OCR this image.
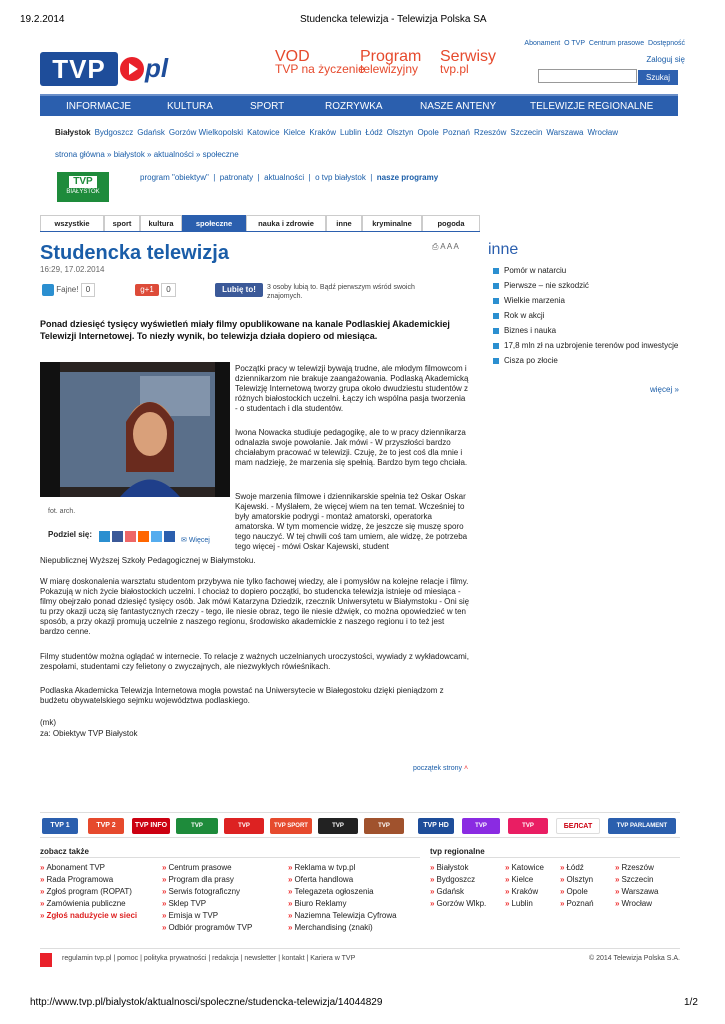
19.2.2014	Studencka telewizja - Telewizja Polska SA
TVP	pl	VOD
TVP na życzenie
Program
telewizyjny
Serwisy
tvp.pl
Abonament O TVP Centrum prasowe Dostępność
Zaloguj się
Szukaj
INFORMACJE	KULTURA	SPORT	ROZRYWKA	NASZE ANTENY	TELEWIZJE REGIONALNE
Białystok Bydgoszcz Gdańsk Gorzów Wielkopolski Katowice Kielce Kraków Lublin Łódź Olsztyn Opole Poznań Rzeszów Szczecin Warszawa Wrocław
strona główna » białystok » aktualności » społeczne
TVP
BIAŁYSTOK
program "obiektyw"  |  patronaty  |  aktualności  |  o tvp białystok  |  nasze programy
wszystkie	sport	kultura	społeczne	nauka i zdrowie	inne	kryminalne	pogoda
Studencka telewizja
16:29, 17.02.2014
⎙ A A A
Fajne! 0	g+1 0	Lubię to!	3 osoby lubią to. Bądź pierwszym wśród swoich znajomych.
Ponad dziesięć tysięcy wyświetleń miały filmy opublikowane na kanale Podlaskiej Akademickiej Telewizji Internetowej. To niezły wynik, bo telewizja działa dopiero od miesiąca.
fot. arch.
Podziel się:
✉ Więcej
Początki pracy w telewizji bywają trudne, ale młodym filmowcom i dziennikarzom nie brakuje zaangażowania. Podlaską Akademicką Telewizję Internetową tworzy grupa około dwudziestu studentów z różnych białostockich uczelni. Łączy ich wspólna pasja tworzenia - o studentach i dla studentów.
Iwona Nowacka studiuje pedagogikę, ale to w pracy dziennikarza odnalazła swoje powołanie. Jak mówi - W przyszłości bardzo chciałabym pracować w telewizji. Czuję, że to jest coś dla mnie i mam nadzieję, że marzenia się spełnią. Bardzo bym tego chciała.
Swoje marzenia filmowe i dziennikarskie spełnia też Oskar Oskar Kajewski. - Myślałem, że więcej wiem na ten temat. Wcześniej to były amatorskie podrygi - montaż amatorski, operatorka amatorska. W tym momencie widzę, że jeszcze się muszę sporo tego nauczyć. W tej chwili coś tam umiem, ale widzę, że potrzeba tego więcej - mówi Oskar Kajewski, student
Niepublicznej Wyższej Szkoły Pedagogicznej w Białymstoku.
W miarę doskonalenia warsztatu studentom przybywa nie tylko fachowej wiedzy, ale i pomysłów na kolejne relacje i filmy. Pokazują w nich życie białostockich uczelni. I chociaż to dopiero początki, bo studencka telewizja istnieje od miesiąca - filmy obejrzało ponad dziesięć tysięcy osób. Jak mówi Katarzyna Dziedzik, rzecznik Uniwersytetu w Białymstoku - Oni się tu przy okazji uczą się fantastycznych rzeczy - tego, ile niesie obraz, tego ile niesie dźwięk, co można opowiedzieć w ten sposób, a przy okazji promują uczelnie z naszego regionu, środowisko akademickie z naszego regionu i to też jest bardzo cenne.
Filmy studentów można oglądać w internecie. To relacje z ważnych uczelnianych uroczystości, wywiady z wykładowcami, zespołami, studentami czy felietony o zwyczajnych, ale niezwykłych rówieśnikach.
Podlaska Akademicka Telewizja Internetowa mogła powstać na Uniwersytecie w Białegostoku dzięki pieniądzom z budżetu obywatelskiego sejmku województwa podlaskiego.
(mk)
za: Obiektyw TVP Białystok
początek strony ˄
inne
Pomór w natarciu
Pierwsze – nie szkodzić
Wielkie marzenia
Rok w akcji
Biznes i nauka
17,8 mln zł na uzbrojenie terenów pod inwestycje
Cisza po złocie
więcej »
TVP 1	TVP 2	TVP INFO	TVP REGIONALNA
TVP POLONIA
TVP SPORT	TVP KULTURA
TVP HISTORIA
TVP HD	TVP SERIALE
TVP ROZRYWKA
БЕЛСАТ	TVP PARLAMENT
zobacz także	tvp regionalne
» Abonament TVP
» Rada Programowa
» Zgłoś program (ROPAT)
» Zamówienia publiczne
» Zgłoś nadużycie w sieci
» Centrum prasowe
» Program dla prasy
» Serwis fotograficzny
» Sklep TVP
» Emisja w TVP
» Odbiór programów TVP
» Reklama w tvp.pl
» Oferta handlowa
» Telegazeta ogłoszenia
» Biuro Reklamy
» Naziemna Telewizja Cyfrowa
» Merchandising (znaki)
» Białystok
» Bydgoszcz
» Gdańsk
» Gorzów Wlkp.
» Katowice
» Kielce
» Kraków
» Lublin
» Łódź
» Olsztyn
» Opole
» Poznań
» Rzeszów
» Szczecin
» Warszawa
» Wrocław
regulamin tvp.pl | pomoc | polityka prywatności | redakcja | newsletter | kontakt | Kariera w TVP	© 2014 Telewizja Polska S.A.
http://www.tvp.pl/bialystok/aktualnosci/spoleczne/studencka-telewizja/14044829	1/2
